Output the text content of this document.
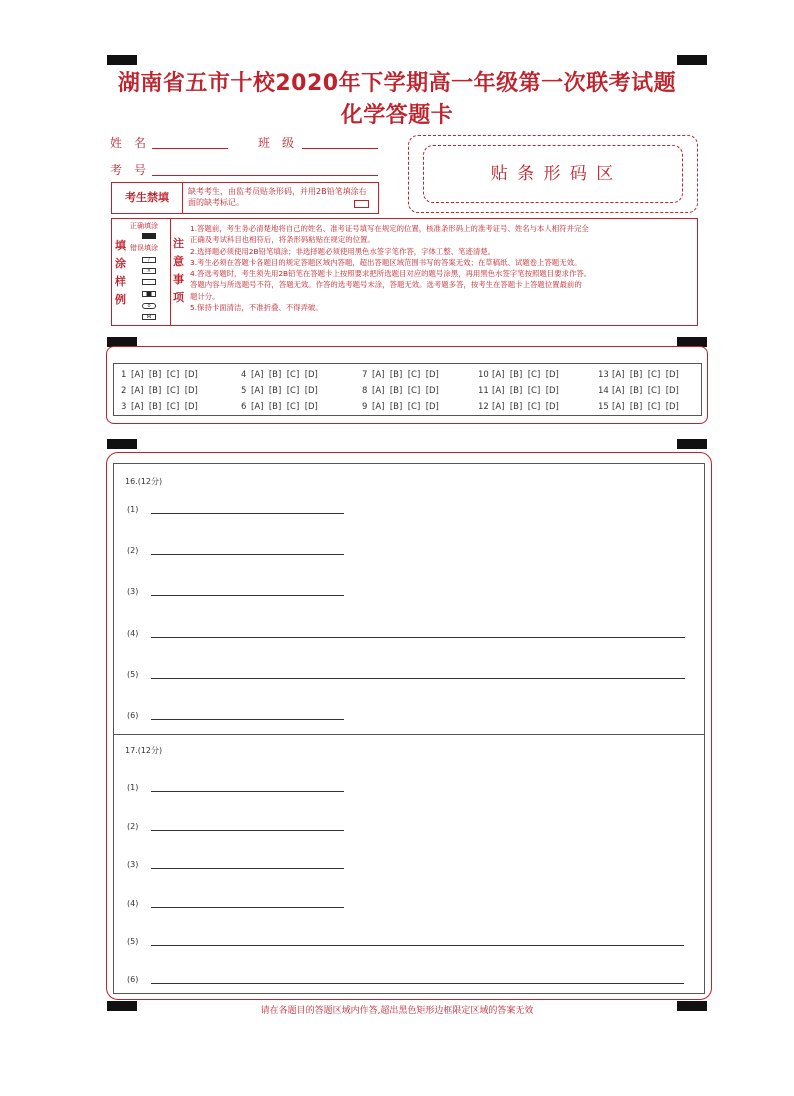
湖南省五市十校2020年下学期高一年级第一次联考试题
化学答题卡
姓　名	班　级
考　号
考生禁填	缺考考生，由监考员贴条形码，并用2B铅笔填涂右
面的缺考标记。
贴 条 形 码 区
填
涂
样
例
正确填涂
错误填涂
/
×
·
o
⋈
注
意
事
项
1.答题前，考生务必清楚地将自己的姓名、准考证号填写在规定的位置，核准条形码上的准考证号、姓名与本人相符并完全
正确及考试科目也相符后，将条形码粘贴在规定的位置。
2.选择题必须使用2B铅笔填涂；非选择题必须使用黑色水签字笔作答，字体工整、笔迹清楚。
3.考生必须在答题卡各题目的规定答题区域内答题，超出答题区域范围书写的答案无效；在草稿纸、试题卷上答题无效。
4.答选考题时，考生须先用2B铅笔在答题卡上按照要求把所选题目对应的题号涂黑，再用黑色水签字笔按照题目要求作答。
答题内容与所选题号不符，答题无效。作答的选考题号未涂，答题无效。选考题多答，按考生在答题卡上答题位置最前的
题计分。
5.保持卡面清洁，不准折叠、不得弄破。
1 [A]  [B]  [C]  [D]
2 [A]  [B]  [C]  [D]
3 [A]  [B]  [C]  [D]
4 [A]  [B]  [C]  [D]
5 [A]  [B]  [C]  [D]
6 [A]  [B]  [C]  [D]
7 [A]  [B]  [C]  [D]
8 [A]  [B]  [C]  [D]
9 [A]  [B]  [C]  [D]
10 [A]  [B]  [C]  [D]
11 [A]  [B]  [C]  [D]
12 [A]  [B]  [C]  [D]
13 [A]  [B]  [C]  [D]
14 [A]  [B]  [C]  [D]
15 [A]  [B]  [C]  [D]
16.(12分)
(1)
(2)
(3)
(4)
(5)
(6)
17.(12分)
(1)
(2)
(3)
(4)
(5)
(6)
请在各题目的答题区域内作答,超出黑色矩形边框限定区域的答案无效
